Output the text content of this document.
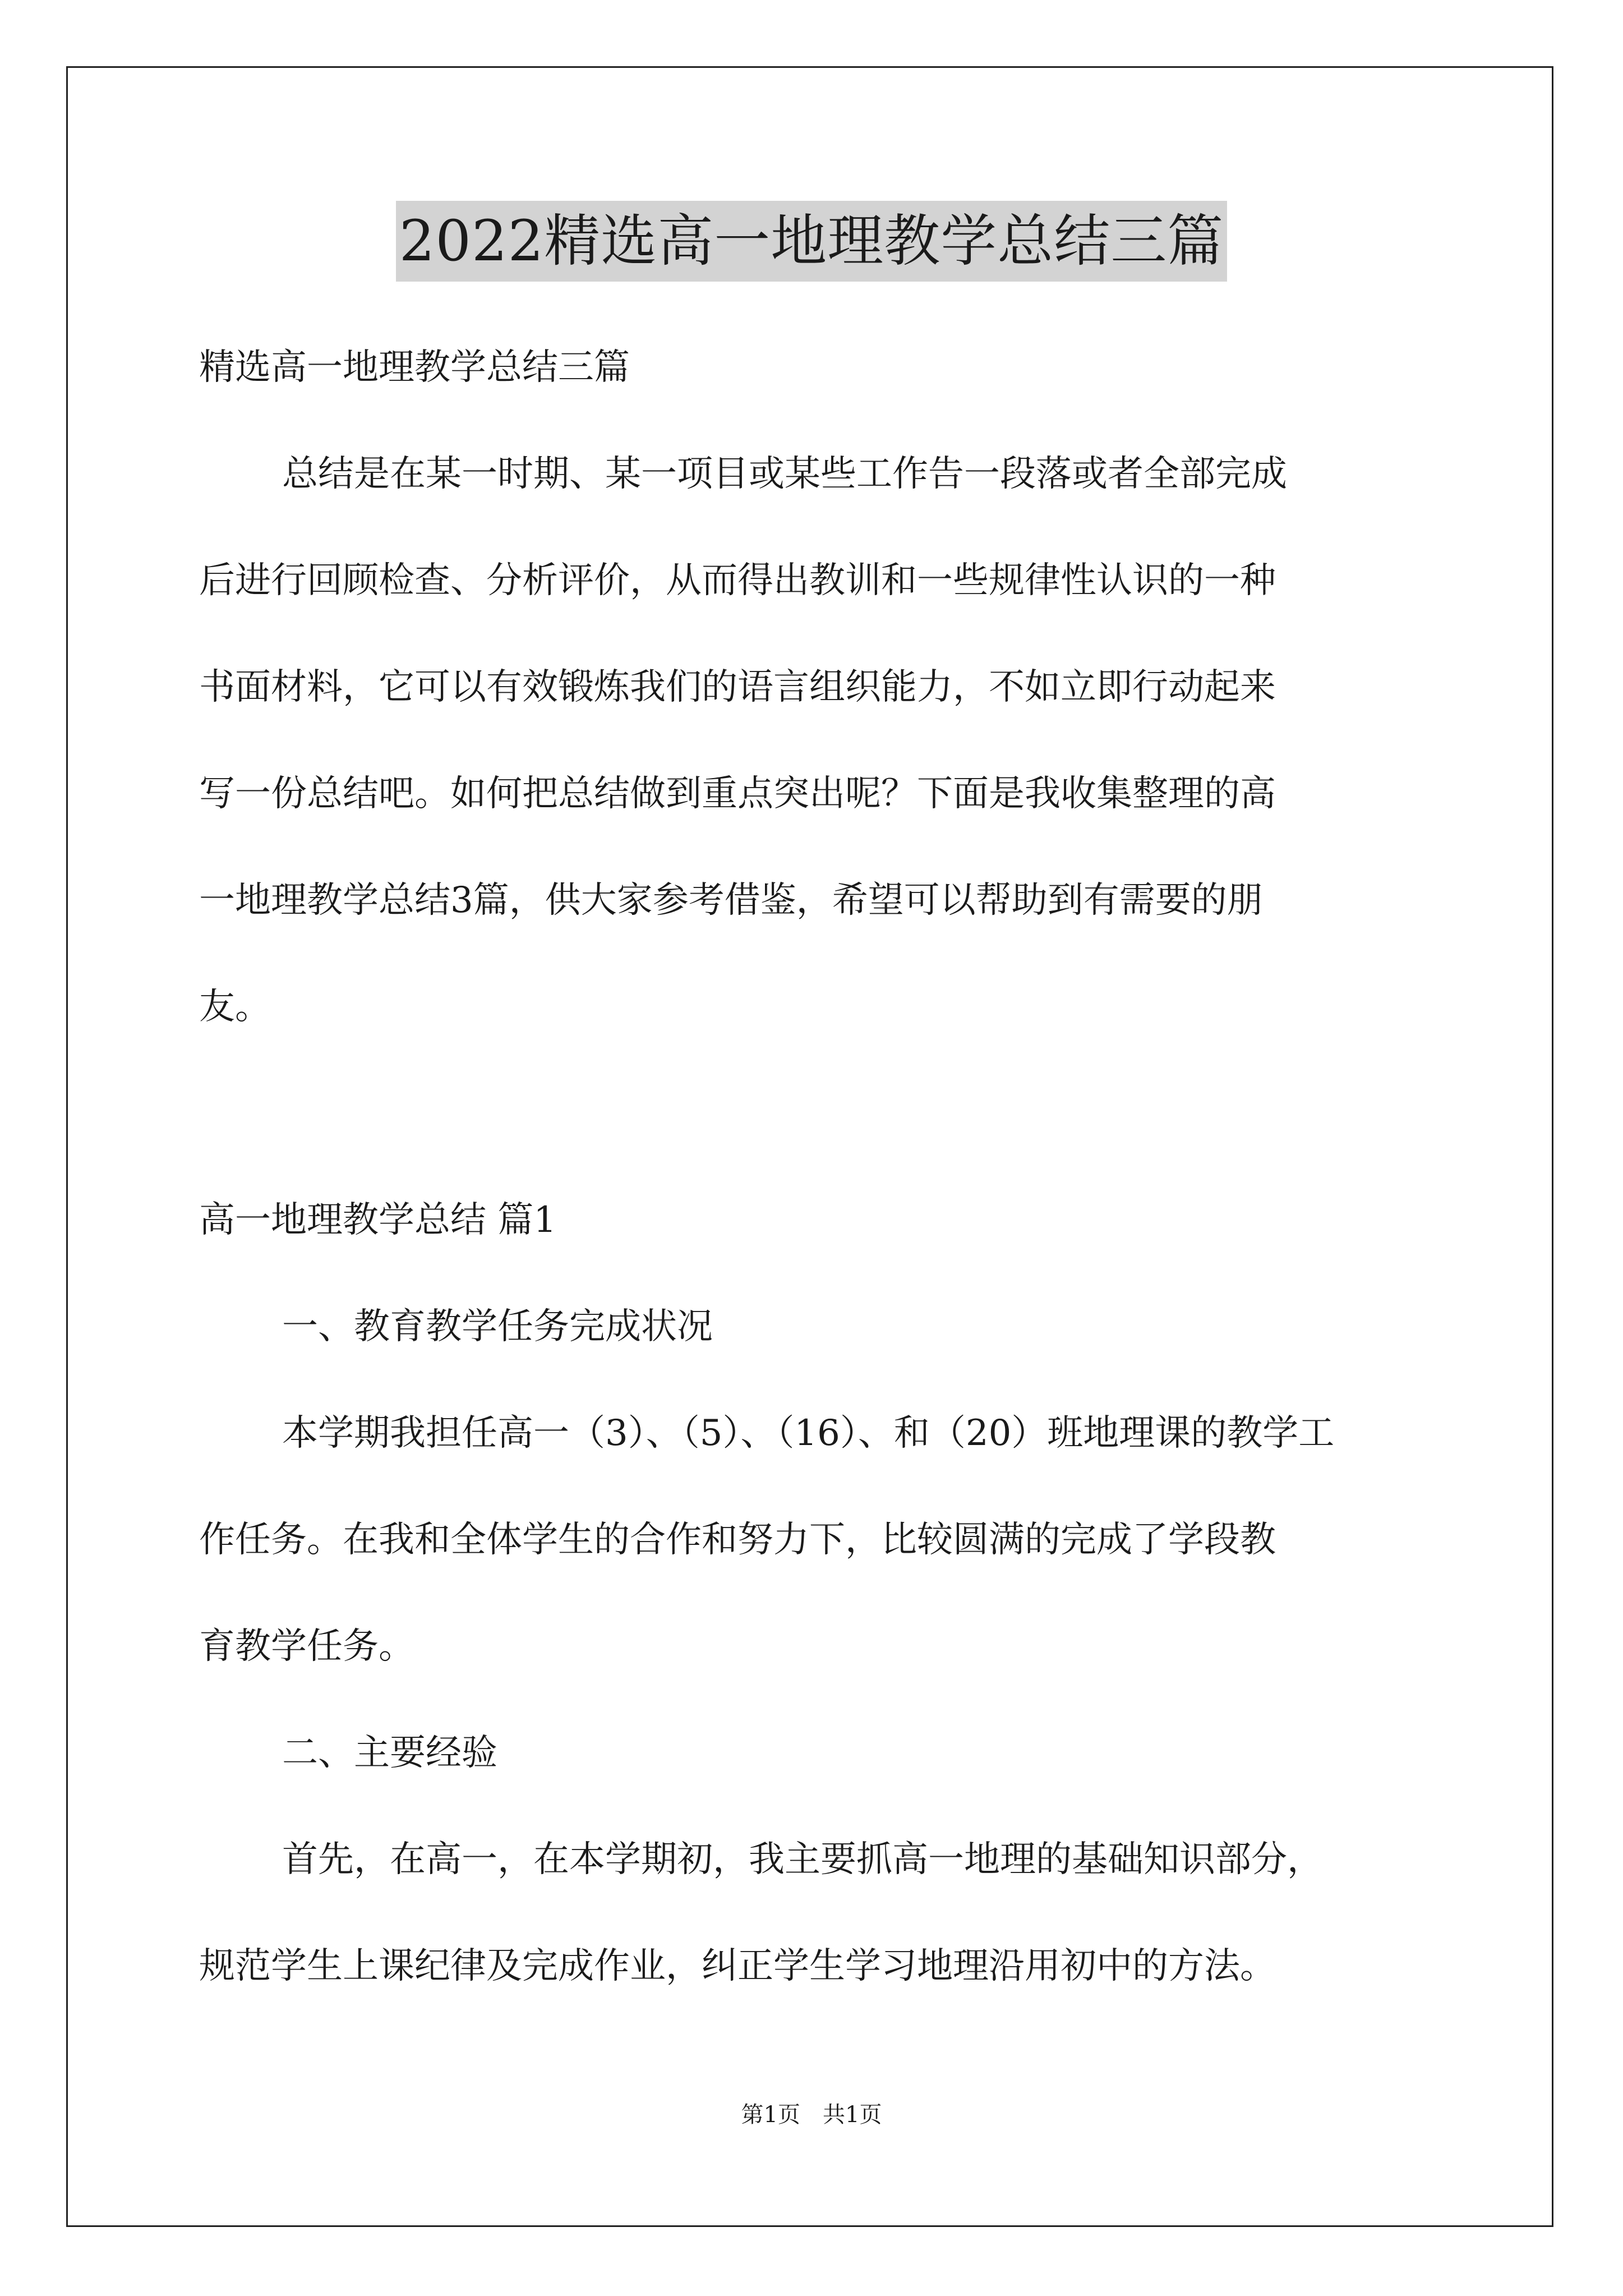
2022精选高一地理教学总结三篇
精选高一地理教学总结三篇
总结是在某一时期、某一项目或某些工作告一段落或者全部完成
后进行回顾检查、分析评价，从而得出教训和一些规律性认识的一种
书面材料，它可以有效锻炼我们的语言组织能力，不如立即行动起来
写一份总结吧。如何把总结做到重点突出呢？下面是我收集整理的高
一地理教学总结3篇，供大家参考借鉴，希望可以帮助到有需要的朋
友。
高一地理教学总结 篇1
一、教育教学任务完成状况
本学期我担任高一（3）、（5）、（16）、和（20）班地理课的教学工
作任务。在我和全体学生的合作和努力下，比较圆满的完成了学段教
育教学任务。
二、主要经验
首先，在高一，在本学期初，我主要抓高一地理的基础知识部分，
规范学生上课纪律及完成作业，纠正学生学习地理沿用初中的方法。
第1页　共1页
